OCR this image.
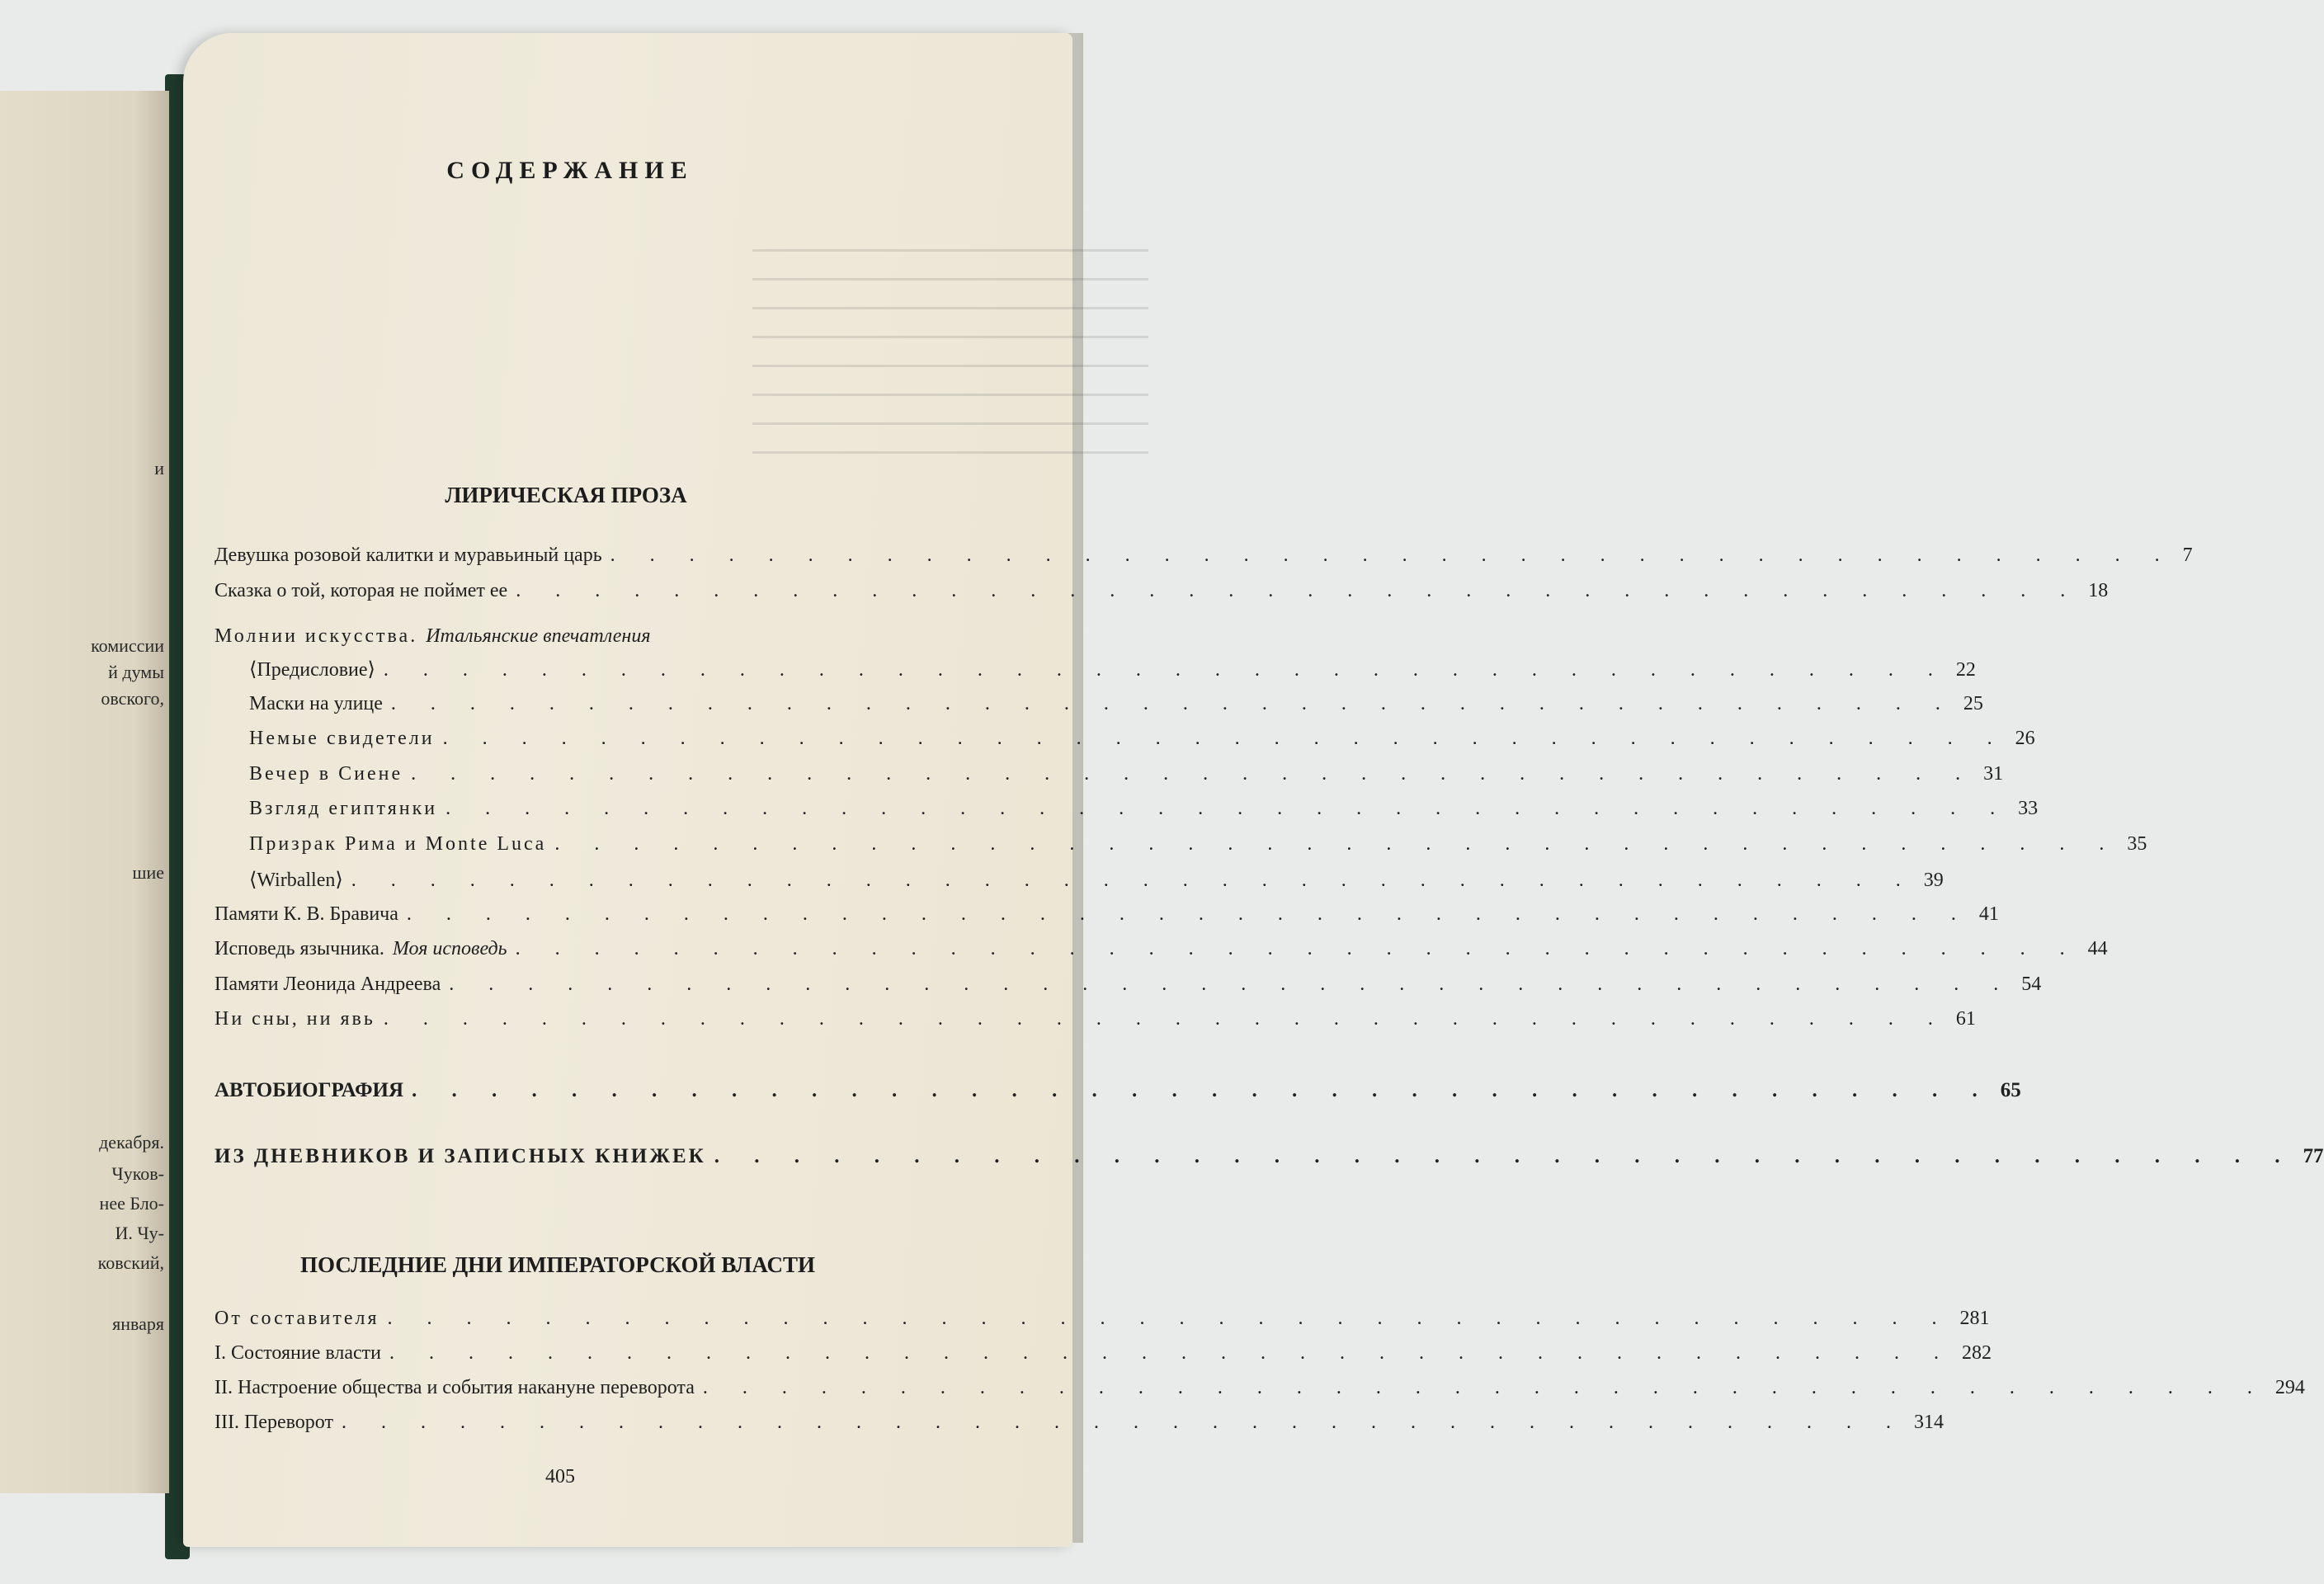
и
комиссии
й думы
овского,
шие
декабря.
Чуков-
нее Бло-
И. Чу-
ковский,
января
СОДЕРЖАНИЕ
ЛИРИЧЕСКАЯ ПРОЗА
Девушка розовой калитки и муравьиный царь . . . . . . . . . . . . . . . . . . . . . . . . . . . . . . . . . . . . . . . . 7
Сказка о той, которая не поймет ее . . . . . . . . . . . . . . . . . . . . . . . . . . . . . . . . . . . . . . . . 18
Молнии искусства. Итальянские впечатления
⟨Предисловие⟩ . . . . . . . . . . . . . . . . . . . . . . . . . . . . . . . . . . . . . . . . 22
Маски на улице . . . . . . . . . . . . . . . . . . . . . . . . . . . . . . . . . . . . . . . . 25
Немые свидетели . . . . . . . . . . . . . . . . . . . . . . . . . . . . . . . . . . . . . . . . 26
Вечер в Сиене . . . . . . . . . . . . . . . . . . . . . . . . . . . . . . . . . . . . . . . . 31
Взгляд египтянки . . . . . . . . . . . . . . . . . . . . . . . . . . . . . . . . . . . . . . . . 33
Призрак Рима и Monte Luca . . . . . . . . . . . . . . . . . . . . . . . . . . . . . . . . . . . . . . . . 35
⟨Wirballen⟩ . . . . . . . . . . . . . . . . . . . . . . . . . . . . . . . . . . . . . . . . 39
Памяти К. В. Бравича . . . . . . . . . . . . . . . . . . . . . . . . . . . . . . . . . . . . . . . . 41
Исповедь язычника. Моя исповедь . . . . . . . . . . . . . . . . . . . . . . . . . . . . . . . . . . . . . . . . 44
Памяти Леонида Андреева . . . . . . . . . . . . . . . . . . . . . . . . . . . . . . . . . . . . . . . . 54
Ни сны, ни явь . . . . . . . . . . . . . . . . . . . . . . . . . . . . . . . . . . . . . . . . 61
АВТОБИОГРАФИЯ . . . . . . . . . . . . . . . . . . . . . . . . . . . . . . . . . . . . . . . . 65
ИЗ ДНЕВНИКОВ И ЗАПИСНЫХ КНИЖЕК . . . . . . . . . . . . . . . . . . . . . . . . . . . . . . . . . . . . . . . . 77
ПОСЛЕДНИЕ ДНИ ИМПЕРАТОРСКОЙ ВЛАСТИ
От составителя . . . . . . . . . . . . . . . . . . . . . . . . . . . . . . . . . . . . . . . . 281
I. Состояние власти . . . . . . . . . . . . . . . . . . . . . . . . . . . . . . . . . . . . . . . . 282
II. Настроение общества и события накануне переворота . . . . . . . . . . . . . . . . . . . . . . . . . . . . . . . . . . . . . . . . 294
III. Переворот . . . . . . . . . . . . . . . . . . . . . . . . . . . . . . . . . . . . . . . . 314
405
